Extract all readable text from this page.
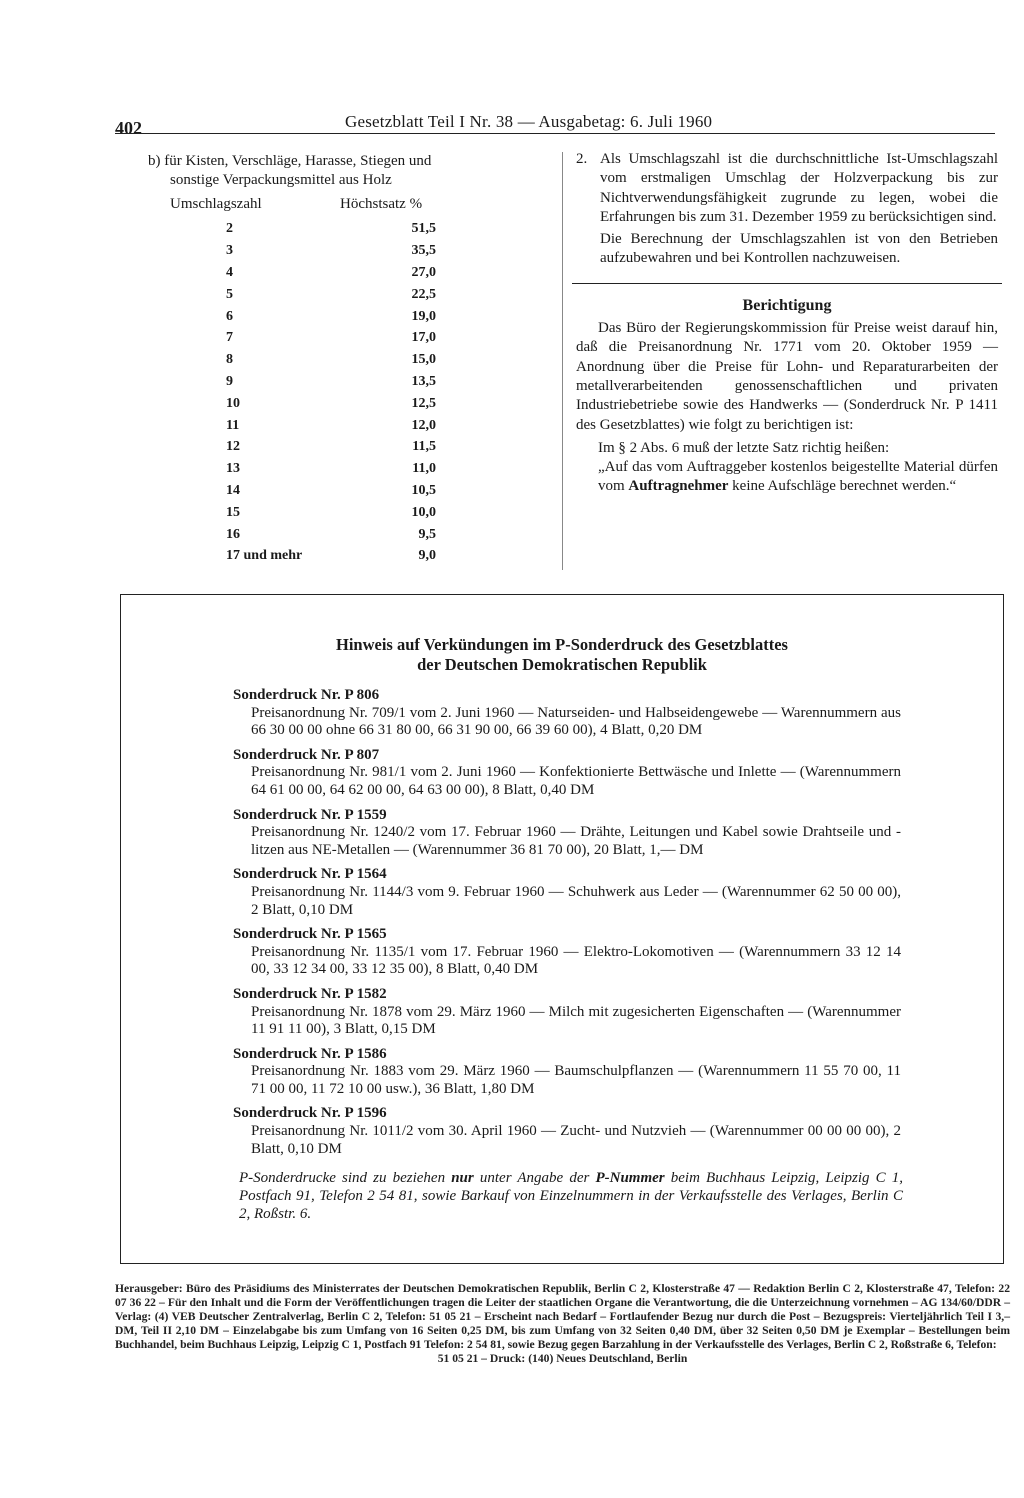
402	Gesetzblatt Teil I Nr. 38 — Ausgabetag: 6. Juli 1960

b) für Kisten, Verschläge, Harasse, Stiegen und
sonstige Verpackungsmittel aus Holz

Umschlagszahl	Höchstsatz %
2	51,5
3	35,5
4	27,0
5	22,5
6	19,0
7	17,0
8	15,0
9	13,5
10	12,5
11	12,0
12	11,5
13	11,0
14	10,5
15	10,0
16	9,5
17 und mehr	9,0
2. Als Umschlagszahl ist die durchschnittliche Ist-Umschlagszahl vom erstmaligen Umschlag der Holzverpackung bis zur Nichtverwendungsfähigkeit zugrunde zu legen, wobei die Erfahrungen bis zum 31. Dezember 1959 zu berücksichtigen sind.
Die Berechnung der Umschlagszahlen ist von den Betrieben aufzubewahren und bei Kontrollen nachzuweisen.
Berichtigung
Das Büro der Regierungskommission für Preise weist darauf hin, daß die Preisanordnung Nr. 1771 vom 20. Oktober 1959 — Anordnung über die Preise für Lohn- und Reparaturarbeiten der metallverarbeitenden genossenschaftlichen und privaten Industriebetriebe sowie des Handwerks — (Sonderdruck Nr. P 1411 des Gesetzblattes) wie folgt zu berichtigen ist:
Im § 2 Abs. 6 muß der letzte Satz richtig heißen:
„Auf das vom Auftraggeber kostenlos beigestellte Material dürfen vom Auftragnehmer keine Aufschläge berechnet werden.“
Hinweis auf Verkündungen im P-Sonderdruck des Gesetzblattes
der Deutschen Demokratischen Republik
Sonderdruck Nr. P 806
Preisanordnung Nr. 709/1 vom 2. Juni 1960 — Naturseiden- und Halbseidengewebe — Warennummern aus 66 30 00 00 ohne 66 31 80 00, 66 31 90 00, 66 39 60 00), 4 Blatt, 0,20 DM
Sonderdruck Nr. P 807
Preisanordnung Nr. 981/1 vom 2. Juni 1960 — Konfektionierte Bettwäsche und Inlette — (Warennummern 64 61 00 00, 64 62 00 00, 64 63 00 00), 8 Blatt, 0,40 DM
Sonderdruck Nr. P 1559
Preisanordnung Nr. 1240/2 vom 17. Februar 1960 — Drähte, Leitungen und Kabel sowie Drahtseile und -litzen aus NE-Metallen — (Warennummer 36 81 70 00), 20 Blatt, 1,— DM
Sonderdruck Nr. P 1564
Preisanordnung Nr. 1144/3 vom 9. Februar 1960 — Schuhwerk aus Leder — (Warennummer 62 50 00 00), 2 Blatt, 0,10 DM
Sonderdruck Nr. P 1565
Preisanordnung Nr. 1135/1 vom 17. Februar 1960 — Elektro-Lokomotiven — (Warennummern 33 12 14 00, 33 12 34 00, 33 12 35 00), 8 Blatt, 0,40 DM
Sonderdruck Nr. P 1582
Preisanordnung Nr. 1878 vom 29. März 1960 — Milch mit zugesicherten Eigenschaften — (Warennummer 11 91 11 00), 3 Blatt, 0,15 DM
Sonderdruck Nr. P 1586
Preisanordnung Nr. 1883 vom 29. März 1960 — Baumschulpflanzen — (Warennummern 11 55 70 00, 11 71 00 00, 11 72 10 00 usw.), 36 Blatt, 1,80 DM
Sonderdruck Nr. P 1596
Preisanordnung Nr. 1011/2 vom 30. April 1960 — Zucht- und Nutzvieh — (Warennummer 00 00 00 00), 2 Blatt, 0,10 DM
P-Sonderdrucke sind zu beziehen nur unter Angabe der P-Nummer beim Buchhaus Leipzig, Leipzig C 1, Postfach 91, Telefon 2 54 81, sowie Barkauf von Einzelnummern in der Verkaufsstelle des Verlages, Berlin C 2, Roßstr. 6.
Herausgeber: Büro des Präsidiums des Ministerrates der Deutschen Demokratischen Republik, Berlin C 2, Klosterstraße 47 — Redaktion Berlin C 2, Klosterstraße 47, Telefon: 22 07 36 22 – Für den Inhalt und die Form der Veröffentlichungen tragen die Leiter der staatlichen Organe die Verantwortung, die die Unterzeichnung vornehmen – AG 134/60/DDR – Verlag: (4) VEB Deutscher Zentralverlag, Berlin C 2, Telefon: 51 05 21 – Erscheint nach Bedarf – Fortlaufender Bezug nur durch die Post – Bezugspreis: Vierteljährlich Teil I 3,– DM, Teil II 2,10 DM – Einzelabgabe bis zum Umfang von 16 Seiten 0,25 DM, bis zum Umfang von 32 Seiten 0,40 DM, über 32 Seiten 0,50 DM je Exemplar – Bestellungen beim Buchhandel, beim Buchhaus Leipzig, Leipzig C 1, Postfach 91 Telefon: 2 54 81, sowie Bezug gegen Barzahlung in der Verkaufsstelle des Verlages, Berlin C 2, Roßstraße 6, Telefon:
51 05 21 – Druck: (140) Neues Deutschland, Berlin
